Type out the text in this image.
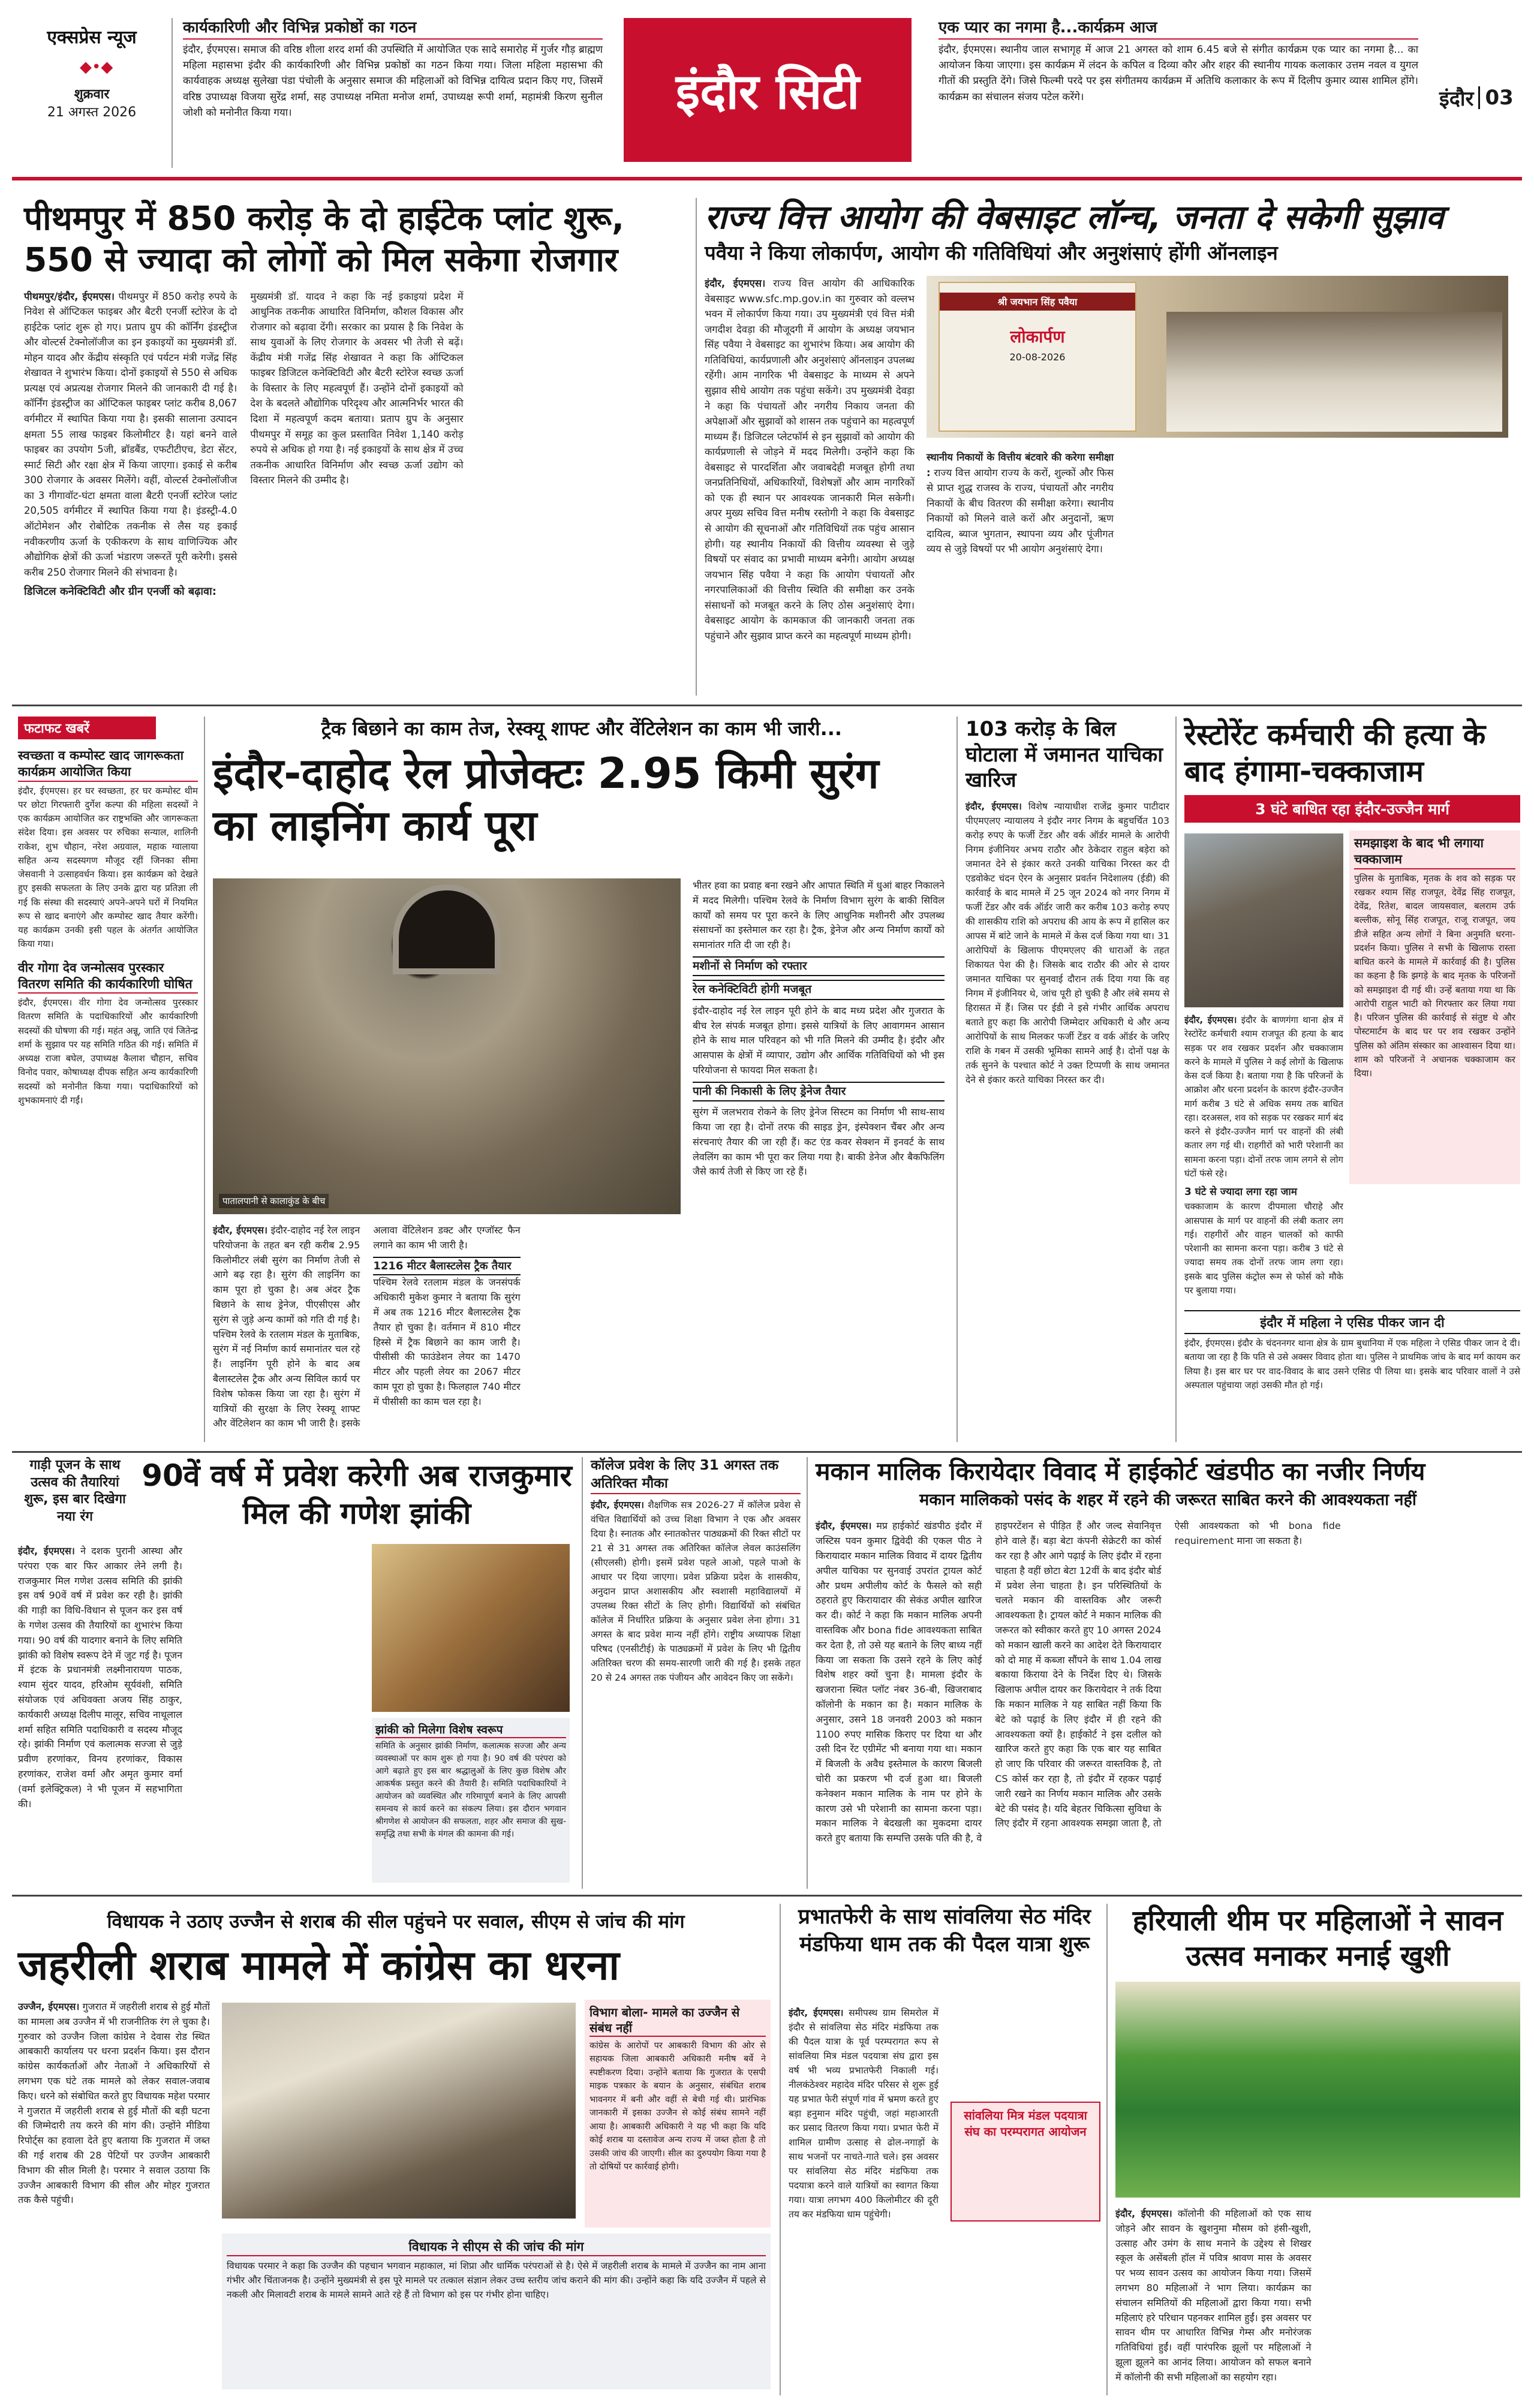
एक्सप्रेस न्यूज
◆•◆
शुक्रवार
21 अगस्त 2026
कार्यकारिणी और विभिन्न प्रकोष्ठों का गठन
इंदौर, ईएमएस। समाज की वरिष्ठ शीला शरद शर्मा की उपस्थिति में आयोजित एक सादे समारोह में गुर्जर गौड़ ब्राह्मण महिला महासभा इंदौर की कार्यकारिणी और विभिन्न प्रकोष्ठों का गठन किया गया। जिला महिला महासभा की कार्यवाहक अध्यक्ष सुलेखा पंडा पंचोली के अनुसार समाज की महिलाओं को विभिन्न दायित्व प्रदान किए गए, जिसमें वरिष्ठ उपाध्यक्ष विजया सुरेंद्र शर्मा, सह उपाध्यक्ष नमिता मनोज शर्मा, उपाध्यक्ष रूपी शर्मा, महामंत्री किरण सुनील जोशी को मनोनीत किया गया।	इंदौर सिटी
एक प्यार का नगमा है...कार्यक्रम आज
इंदौर, ईएमएस। स्थानीय जाल सभागृह में आज 21 अगस्त को शाम 6.45 बजे से संगीत कार्यक्रम एक प्यार का नगमा है... का आयोजन किया जाएगा। इस कार्यक्रम में लंदन के कपिल व दिव्या कौर और शहर की स्थानीय गायक कलाकार उत्तम नवल व युगल गीतों की प्रस्तुति देंगे। जिसे फिल्मी परदे पर इस संगीतमय कार्यक्रम में अतिथि कलाकार के रूप में दिलीप कुमार व्यास शामिल होंगे। कार्यक्रम का संचालन संजय पटेल करेंगे।	इंदौर 03
पीथमपुर में 850 करोड़ के दो हाईटेक प्लांट शुरू, 550 से ज्यादा को लोगों को मिल सकेगा रोजगार
पीथमपुर/इंदौर, ईएमएस। पीथमपुर में 850 करोड़ रुपये के निवेश से ऑप्टिकल फाइबर और बैटरी एनर्जी स्टोरेज के दो हाईटेक प्लांट शुरू हो गए। प्रताप ग्रुप की कॉर्निंग इंडस्ट्रीज और वोल्टर्स टेक्नोलॉजीज का इन इकाइयों का मुख्यमंत्री डॉ. मोहन यादव और केंद्रीय संस्कृति एवं पर्यटन मंत्री गजेंद्र सिंह शेखावत ने शुभारंभ किया। दोनों इकाइयों से 550 से अधिक प्रत्यक्ष एवं अप्रत्यक्ष रोजगार मिलने की जानकारी दी गई है। कॉर्निंग इंडस्ट्रीज का ऑप्टिकल फाइबर प्लांट करीब 8,067 वर्गमीटर में स्थापित किया गया है। इसकी सालाना उत्पादन क्षमता 55 लाख फाइबर किलोमीटर है। यहां बनने वाले फाइबर का उपयोग 5जी, ब्रॉडबैंड, एफटीटीएच, डेटा सेंटर, स्मार्ट सिटी और रक्षा क्षेत्र में किया जाएगा। इकाई से करीब 300 रोजगार के अवसर मिलेंगे। वहीं, वोल्टर्स टेक्नोलॉजीज का 3 गीगावॉट-घंटा क्षमता वाला बैटरी एनर्जी स्टोरेज प्लांट 20,505 वर्गमीटर में स्थापित किया गया है। इंडस्ट्री-4.0 ऑटोमेशन और रोबोटिक तकनीक से लैस यह इकाई नवीकरणीय ऊर्जा के एकीकरण के साथ वाणिज्यिक और औद्योगिक क्षेत्रों की ऊर्जा भंडारण जरूरतें पूरी करेगी। इससे करीब 250 रोजगार मिलने की संभावना है।
डिजिटल कनेक्टिविटी और ग्रीन एनर्जी को बढ़ावा:
मुख्यमंत्री डॉ. यादव ने कहा कि नई इकाइयां प्रदेश में आधुनिक तकनीक आधारित विनिर्माण, कौशल विकास और रोजगार को बढ़ावा देंगी। सरकार का प्रयास है कि निवेश के साथ युवाओं के लिए रोजगार के अवसर भी तेजी से बढ़ें। केंद्रीय मंत्री गजेंद्र सिंह शेखावत ने कहा कि ऑप्टिकल फाइबर डिजिटल कनेक्टिविटी और बैटरी स्टोरेज स्वच्छ ऊर्जा के विस्तार के लिए महत्वपूर्ण हैं। उन्होंने दोनों इकाइयों को देश के बदलते औद्योगिक परिदृश्य और आत्मनिर्भर भारत की दिशा में महत्वपूर्ण कदम बताया। प्रताप ग्रुप के अनुसार पीथमपुर में समूह का कुल प्रस्तावित निवेश 1,140 करोड़ रुपये से अधिक हो गया है। नई इकाइयों के साथ क्षेत्र में उच्च तकनीक आधारित विनिर्माण और स्वच्छ ऊर्जा उद्योग को विस्तार मिलने की उम्मीद है।
राज्य वित्त आयोग की वेबसाइट लॉन्च, जनता दे सकेगी सुझाव
पवैया ने किया लोकार्पण, आयोग की गतिविधियां और अनुशंसाएं होंगी ऑनलाइन
श्री जयभान सिंह पवैया
लोकार्पण
20-08-2026
इंदौर, ईएमएस। राज्य वित्त आयोग की आधिकारिक वेबसाइट www.sfc.mp.gov.in का गुरुवार को वल्लभ भवन में लोकार्पण किया गया। उप मुख्यमंत्री एवं वित्त मंत्री जगदीश देवड़ा की मौजूदगी में आयोग के अध्यक्ष जयभान सिंह पवैया ने वेबसाइट का शुभारंभ किया। अब आयोग की गतिविधियां, कार्यप्रणाली और अनुशंसाएं ऑनलाइन उपलब्ध रहेंगी। आम नागरिक भी वेबसाइट के माध्यम से अपने सुझाव सीधे आयोग तक पहुंचा सकेंगे। उप मुख्यमंत्री देवड़ा ने कहा कि पंचायतों और नगरीय निकाय जनता की अपेक्षाओं और सुझावों को शासन तक पहुंचाने का महत्वपूर्ण माध्यम हैं। डिजिटल प्लेटफॉर्म से इन सुझावों को आयोग की कार्यप्रणाली से जोड़ने में मदद मिलेगी। उन्होंने कहा कि वेबसाइट से पारदर्शिता और जवाबदेही मजबूत होगी तथा जनप्रतिनिधियों, अधिकारियों, विशेषज्ञों और आम नागरिकों को एक ही स्थान पर आवश्यक जानकारी मिल सकेगी। अपर मुख्य सचिव वित्त मनीष रस्तोगी ने कहा कि वेबसाइट से आयोग की सूचनाओं और गतिविधियों तक पहुंच आसान होगी। यह स्थानीय निकायों की वित्तीय व्यवस्था से जुड़े विषयों पर संवाद का प्रभावी माध्यम बनेगी। आयोग अध्यक्ष जयभान सिंह पवैया ने कहा कि आयोग पंचायतों और नगरपालिकाओं की वित्तीय स्थिति की समीक्षा कर उनके संसाधनों को मजबूत करने के लिए ठोस अनुशंसाएं देगा। वेबसाइट आयोग के कामकाज की जानकारी जनता तक पहुंचाने और सुझाव प्राप्त करने का महत्वपूर्ण माध्यम होगी।
स्थानीय निकायों के वित्तीय बंटवारे की करेगा समीक्षा : राज्य वित्त आयोग राज्य के करों, शुल्कों और फिस से प्राप्त शुद्ध राजस्व के राज्य, पंचायतों और नगरीय निकायों के बीच वितरण की समीक्षा करेगा। स्थानीय निकायों को मिलने वाले करों और अनुदानों, ऋण दायित्व, ब्याज भुगतान, स्थापना व्यय और पूंजीगत व्यय से जुड़े विषयों पर भी आयोग अनुशंसाएं देगा।
फटाफट खबरें
स्वच्छता व कम्पोस्ट खाद जागरूकता कार्यक्रम आयोजित किया
इंदौर, ईएमएस। हर घर स्वच्छता, हर घर कम्पोस्ट थीम पर छोटा गिरफ्तारी दुर्गेश कल्पा की महिला सदस्यों ने एक कार्यक्रम आयोजित कर राष्ट्रभक्ति और जागरूकता संदेश दिया। इस अवसर पर रुचिका सन्याल, शालिनी राकेश, शुभ चौहान, नरेश अग्रवाल, महाक ग्वालाया सहित अन्य सदस्यगण मौजूद रहीं जिनका सीमा जेसवानी ने उत्साहवर्धन किया। इस कार्यक्रम को देखते हुए इसकी सफलता के लिए उनके द्वारा यह प्रतिज्ञा ली गई कि संस्था की सदस्याएं अपने-अपने घरों में नियमित रूप से खाद बनाएंगे और कम्पोस्ट खाद तैयार करेंगी। यह कार्यक्रम उनकी इसी पहल के अंतर्गत आयोजित किया गया।
वीर गोगा देव जन्मोत्सव पुरस्कार वितरण समिति की कार्यकारिणी घोषित
इंदौर, ईएमएस। वीर गोगा देव जन्मोत्सव पुरस्कार वितरण समिति के पदाधिकारियों और कार्यकारिणी सदस्यों की घोषणा की गई। महंत अन्नू, जाति एवं जितेन्द्र शर्मा के सुझाव पर यह समिति गठित की गई। समिति में अध्यक्ष राजा बघेल, उपाध्यक्ष कैलाश चौहान, सचिव विनोद पवार, कोषाध्यक्ष दीपक सहित अन्य कार्यकारिणी सदस्यों को मनोनीत किया गया। पदाधिकारियों को शुभकामनाएं दी गईं।
ट्रैक बिछाने का काम तेज, रेस्क्यू शाफ्ट और वेंटिलेशन का काम भी जारी...
इंदौर-दाहोद रेल प्रोजेक्टः 2.95 किमी सुरंग का लाइनिंग कार्य पूरा
पातालपानी से कालाकुंड के बीच
इंदौर, ईएमएस। इंदौर-दाहोद नई रेल लाइन परियोजना के तहत बन रही करीब 2.95 किलोमीटर लंबी सुरंग का निर्माण तेजी से आगे बढ़ रहा है। सुरंग की लाइनिंग का काम पूरा हो चुका है। अब अंदर ट्रैक बिछाने के साथ ड्रेनेज, पीएसीएस और सुरंग से जुड़े अन्य कामों को गति दी गई है। पश्चिम रेलवे के रतलाम मंडल के मुताबिक, सुरंग में नई निर्माण कार्य समानांतर चल रहे हैं। लाइनिंग पूरी होने के बाद अब बैलास्टलेस ट्रैक और अन्य सिविल कार्य पर विशेष फोकस किया जा रहा है। सुरंग में यात्रियों की सुरक्षा के लिए रेस्क्यू शाफ्ट और वेंटिलेशन का काम भी जारी है। इसके अलावा वेंटिलेशन डक्ट और एग्जॉस्ट फैन लगाने का काम भी जारी है।
1216 मीटर बैलास्टलेस ट्रैक तैयार
पश्चिम रेलवे रतलाम मंडल के जनसंपर्क अधिकारी मुकेश कुमार ने बताया कि सुरंग में अब तक 1216 मीटर बैलास्टलेस ट्रैक तैयार हो चुका है। वर्तमान में 810 मीटर हिस्से में ट्रैक बिछाने का काम जारी है। पीसीसी की फाउंडेशन लेयर का 1470 मीटर और पहली लेयर का 2067 मीटर काम पूरा हो चुका है। फिलहाल 740 मीटर में पीसीसी का काम चल रहा है।
भीतर हवा का प्रवाह बना रखने और आपात स्थिति में धुआं बाहर निकालने में मदद मिलेगी। पश्चिम रेलवे के निर्माण विभाग सुरंग के बाकी सिविल कार्यों को समय पर पूरा करने के लिए आधुनिक मशीनरी और उपलब्ध संसाधनों का इस्तेमाल कर रहा है। ट्रैक, ड्रेनेज और अन्य निर्माण कार्यों को समानांतर गति दी जा रही है।
मशीनों से निर्माण को रफ्तार
रेल कनेक्टिविटी होगी मजबूत
इंदौर-दाहोद नई रेल लाइन पूरी होने के बाद मध्य प्रदेश और गुजरात के बीच रेल संपर्क मजबूत होगा। इससे यात्रियों के लिए आवागमन आसान होने के साथ माल परिवहन को भी गति मिलने की उम्मीद है। इंदौर और आसपास के क्षेत्रों में व्यापार, उद्योग और आर्थिक गतिविधियों को भी इस परियोजना से फायदा मिल सकता है।
पानी की निकासी के लिए ड्रेनेज तैयार
सुरंग में जलभराव रोकने के लिए ड्रेनेज सिस्टम का निर्माण भी साथ-साथ किया जा रहा है। दोनों तरफ की साइड ड्रेन, इंस्पेक्शन चैंबर और अन्य संरचनाएं तैयार की जा रही हैं। कट एंड कवर सेक्शन में इनवर्ट के साथ लेवलिंग का काम भी पूरा कर लिया गया है। बाकी डेनेज और बैकफिलिंग जैसे कार्य तेजी से किए जा रहे हैं।
103 करोड़ के बिल घोटाला में जमानत याचिका खारिज
इंदौर, ईएमएस। विशेष न्यायाधीश राजेंद्र कुमार पाटीदार पीएमएलए न्यायालय ने इंदौर नगर निगम के बहुचर्चित 103 करोड़ रुपए के फर्जी टेंडर और वर्क ऑर्डर मामले के आरोपी निगम इंजीनियर अभय राठौर और ठेकेदार राहुल बड़ेरा को जमानत देने से इंकार करते उनकी याचिका निरस्त कर दी एडवोकेट चंदन ऐरन के अनुसार प्रवर्तन निदेशालय (ईडी) की कार्रवाई के बाद मामले में 25 जून 2024 को नगर निगम में फर्जी टेंडर और वर्क ऑर्डर जारी कर करीब 103 करोड़ रुपए की शासकीय राशि को अपराध की आय के रूप में हासिल कर आपस में बांटे जाने के मामले में केस दर्ज किया गया था। 31 आरोपियों के खिलाफ पीएमएलए की धाराओं के तहत शिकायत पेश की है। जिसके बाद राठौर की ओर से दायर जमानत याचिका पर सुनवाई दौरान तर्क दिया गया कि वह निगम में इंजीनियर थे, जांच पूरी हो चुकी है और लंबे समय से हिरासत में हैं। जिस पर ईडी ने इसे गंभीर आर्थिक अपराध बताते हुए कहा कि आरोपी जिम्मेदार अधिकारी थे और अन्य आरोपियों के साथ मिलकर फर्जी टेंडर व वर्क ऑर्डर के जरिए राशि के गबन में उसकी भूमिका सामने आई है। दोनों पक्ष के तर्क सुनने के पश्चात कोर्ट ने उक्त टिप्पणी के साथ जमानत देने से इंकार करते याचिका निरस्त कर दी।
रेस्टोरेंट कर्मचारी की हत्या के बाद हंगामा-चक्काजाम
3 घंटे बाधित रहा इंदौर-उज्जैन मार्ग
समझाइश के बाद भी लगाया चक्काजाम
पुलिस के मुताबिक, मृतक के शव को सड़क पर रखकर श्याम सिंह राजपूत, देवेंद्र सिंह राजपूत, देवेंद्र, रितेश, बादल जायसवाल, बलराम उर्फ बल्लीक, सोनू सिंह राजपूत, राजू राजपूत, जय डीजे सहित अन्य लोगों ने बिना अनुमति धरना-प्रदर्शन किया। पुलिस ने सभी के खिलाफ रास्ता बाधित करने के मामले में कार्रवाई की है। पुलिस का कहना है कि झगड़े के बाद मृतक के परिजनों को समझाइश दी गई थी। उन्हें बताया गया था कि आरोपी राहुल भाटी को गिरफ्तार कर लिया गया है। परिजन पुलिस की कार्रवाई से संतुष्ट थे और पोस्टमार्टम के बाद घर पर शव रखकर उन्होंने पुलिस को अंतिम संस्कार का आश्वासन दिया था। शाम को परिजनों ने अचानक चक्काजाम कर दिया।
इंदौर, ईएमएस। इंदौर के बाणगंगा थाना क्षेत्र में रेस्टोरेंट कर्मचारी श्याम राजपूत की हत्या के बाद सड़क पर शव रखकर प्रदर्शन और चक्काजाम करने के मामले में पुलिस ने कई लोगों के खिलाफ केस दर्ज किया है। बताया गया है कि परिजनों के आक्रोश और धरना प्रदर्शन के कारण इंदौर-उज्जैन मार्ग करीब 3 घंटे से अधिक समय तक बाधित रहा। दरअसल, शव को सड़क पर रखकर मार्ग बंद करने से इंदौर-उज्जैन मार्ग पर वाहनों की लंबी कतार लग गई थी। राहगीरों को भारी परेशानी का सामना करना पड़ा। दोनों तरफ जाम लगने से लोग घंटों फंसे रहे।
3 घंटे से ज्यादा लगा रहा जाम
चक्काजाम के कारण दीपमाला चौराहे और आसपास के मार्ग पर वाहनों की लंबी कतार लग गई। राहगीरों और वाहन चालकों को काफी परेशानी का सामना करना पड़ा। करीब 3 घंटे से ज्यादा समय तक दोनों तरफ जाम लगा रहा। इसके बाद पुलिस कंट्रोल रूम से फोर्स को मौके पर बुलाया गया।
इंदौर में महिला ने एसिड पीकर जान दी
इंदौर, ईएमएस। इंदौर के चंदननगर थाना क्षेत्र के ग्राम बुधानिया में एक महिला ने एसिड पीकर जान दे दी। बताया जा रहा है कि पति से उसे अक्सर विवाद होता था। पुलिस ने प्राथमिक जांच के बाद मर्ग कायम कर लिया है। इस बार घर पर वाद-विवाद के बाद उसने एसिड पी लिया था। इसके बाद परिवार वालों ने उसे अस्पताल पहुंचाया जहां उसकी मौत हो गई।
गाड़ी पूजन के साथ उत्सव की तैयारियां शुरू, इस बार दिखेगा नया रंग
90वें वर्ष में प्रवेश करेगी अब राजकुमार मिल की गणेश झांकी
इंदौर, ईएमएस। ने दशक पुरानी आस्था और परंपरा एक बार फिर आकार लेने लगी है। राजकुमार मिल गणेश उत्सव समिति की झांकी इस वर्ष 90वें वर्ष में प्रवेश कर रही है। झांकी की गाड़ी का विधि-विधान से पूजन कर इस वर्ष के गणेश उत्सव की तैयारियों का शुभारंभ किया गया। 90 वर्ष की यादगार बनाने के लिए समिति झांकी को विशेष स्वरूप देने में जुट गई है। पूजन में इंटक के प्रधानमंत्री लक्ष्मीनारायण पाठक, श्याम सुंदर यादव, हरिओम सूर्यवंशी, समिति संयोजक एवं अधिवक्ता अजय सिंह ठाकुर, कार्यकारी अध्यक्ष दिलीप मालूर, सचिव नाथूलाल शर्मा सहित समिति पदाधिकारी व सदस्य मौजूद रहे। झांकी निर्माण एवं कलात्मक सज्जा से जुड़े प्रवीण हरणांकर, विनय हरणांकर, विकास हरणांकर, राजेश वर्मा और अमृत कुमार वर्मा (वर्मा इलेक्ट्रिकल) ने भी पूजन में सहभागिता की।
झांकी को मिलेगा विशेष स्वरूप
समिति के अनुसार झांकी निर्माण, कलात्मक सज्जा और अन्य व्यवस्थाओं पर काम शुरू हो गया है। 90 वर्ष की परंपरा को आगे बढ़ाते हुए इस बार श्रद्धालुओं के लिए कुछ विशेष और आकर्षक प्रस्तुत करने की तैयारी है। समिति पदाधिकारियों ने आयोजन को व्यवस्थित और गरिमापूर्ण बनाने के लिए आपसी समन्वय से कार्य करने का संकल्प लिया। इस दौरान भगवान श्रीगणेश से आयोजन की सफलता, शहर और समाज की सुख-समृद्धि तथा सभी के मंगल की कामना की गई।
कॉलेज प्रवेश के लिए 31 अगस्त तक अतिरिक्त मौका
इंदौर, ईएमएस। शैक्षणिक सत्र 2026-27 में कॉलेज प्रवेश से वंचित विद्यार्थियों को उच्च शिक्षा विभाग ने एक और अवसर दिया है। स्नातक और स्नातकोत्तर पाठ्यक्रमों की रिक्त सीटों पर 21 से 31 अगस्त तक अतिरिक्त कॉलेज लेवल काउंसलिंग (सीएलसी) होगी। इसमें प्रवेश पहले आओ, पहले पाओ के आधार पर दिया जाएगा। प्रवेश प्रक्रिया प्रदेश के शासकीय, अनुदान प्राप्त अशासकीय और स्वशासी महाविद्यालयों में उपलब्ध रिक्त सीटों के लिए होगी। विद्यार्थियों को संबंधित कॉलेज में निर्धारित प्रक्रिया के अनुसार प्रवेश लेना होगा। 31 अगस्त के बाद प्रवेश मान्य नहीं होंगे। राष्ट्रीय अध्यापक शिक्षा परिषद (एनसीटीई) के पाठ्यक्रमों में प्रवेश के लिए भी द्वितीय अतिरिक्त चरण की समय-सारणी जारी की गई है। इसके तहत 20 से 24 अगस्त तक पंजीयन और आवेदन किए जा सकेंगे।
मकान मालिक किरायेदार विवाद में हाईकोर्ट खंडपीठ का नजीर निर्णय
मकान मालिकको पसंद के शहर में रहने की जरूरत साबित करने की आवश्यकता नहीं
इंदौर, ईएमएस। मप्र हाईकोर्ट खंडपीठ इंदौर में जस्टिस पवन कुमार द्विवेदी की एकल पीठ ने किरायादार मकान मालिक विवाद में दायर द्वितीय अपील याचिका पर सुनवाई उपरांत ट्रायल कोर्ट और प्रथम अपीलीय कोर्ट के फैसले को सही ठहराते हुए किरायादार की सेकंड अपील खारिज कर दी। कोर्ट ने कहा कि मकान मालिक अपनी वास्तविक और bona fide आवश्यकता साबित कर देता है, तो उसे यह बताने के लिए बाध्य नहीं किया जा सकता कि उसने रहने के लिए कोई विशेष शहर क्यों चुना है। मामला इंदौर के खजराना स्थित प्लॉट नंबर 36-बी, खिजराबाद कॉलोनी के मकान का है। मकान मालिक के अनुसार, उसने 18 जनवरी 2003 को मकान 1100 रुपए मासिक किराए पर दिया था और उसी दिन रेंट एग्रीमेंट भी बनाया गया था। मकान में बिजली के अवैध इस्तेमाल के कारण बिजली चोरी का प्रकरण भी दर्ज हुआ था। बिजली कनेक्शन मकान मालिक के नाम पर होने के कारण उसे भी परेशानी का सामना करना पड़ा। मकान मालिक ने बेदखली का मुकदमा दायर करते हुए बताया कि सम्पत्ति उसके पति की है, वे हाइपरटेंशन से पीड़ित हैं और जल्द सेवानिवृत्त होने वाले हैं। बड़ा बेटा कंपनी सेक्रेटरी का कोर्स कर रहा है और आगे पढ़ाई के लिए इंदौर में रहना चाहता है वहीं छोटा बेटा 12वीं के बाद इंदौर बोर्ड में प्रवेश लेना चाहता है। इन परिस्थितियों के चलते मकान की वास्तविक और जरूरी आवश्यकता है। ट्रायल कोर्ट ने मकान मालिक की जरूरत को स्वीकार करते हुए 10 अगस्त 2024 को मकान खाली करने का आदेश देते किरायादार को दो माह में कब्जा सौंपने के साथ 1.04 लाख बकाया किराया देने के निर्देश दिए थे। जिसके खिलाफ अपील दायर कर किरायेदार ने तर्क दिया कि मकान मालिक ने यह साबित नहीं किया कि बेटे को पढ़ाई के लिए इंदौर में ही रहने की आवश्यकता क्यों है। हाईकोर्ट ने इस दलील को खारिज करते हुए कहा कि एक बार यह साबित हो जाए कि परिवार की जरूरत वास्तविक है, तो CS कोर्स कर रहा है, तो इंदौर में रहकर पढ़ाई जारी रखने का निर्णय मकान मालिक और उसके बेटे की पसंद है। यदि बेहतर चिकित्सा सुविधा के लिए इंदौर में रहना आवश्यक समझा जाता है, तो ऐसी आवश्यकता को भी bona fide requirement माना जा सकता है।
विधायक ने उठाए उज्जैन से शराब की सील पहुंचने पर सवाल, सीएम से जांच की मांग
जहरीली शराब मामले में कांग्रेस का धरना
उज्जैन, ईएमएस। गुजरात में जहरीली शराब से हुई मौतों का मामला अब उज्जैन में भी राजनीतिक रंग ले चुका है। गुरुवार को उज्जैन जिला कांग्रेस ने देवास रोड स्थित आबकारी कार्यालय पर धरना प्रदर्शन किया। इस दौरान कांग्रेस कार्यकर्ताओं और नेताओं ने अधिकारियों से लगभग एक घंटे तक मामले को लेकर सवाल-जवाब किए। धरने को संबोधित करते हुए विधायक महेश परमार ने गुजरात में जहरीली शराब से हुई मौतों की बड़ी घटना की जिम्मेदारी तय करने की मांग की। उन्होंने मीडिया रिपोर्ट्स का हवाला देते हुए बताया कि गुजरात में जब्त की गई शराब की 28 पेटियों पर उज्जैन आबकारी विभाग की सील मिली है। परमार ने सवाल उठाया कि उज्जैन आबकारी विभाग की सील और मोहर गुजरात तक कैसे पहुंची।
विभाग बोला- मामले का उज्जैन से संबंध नहीं
कांग्रेस के आरोपों पर आबकारी विभाग की ओर से सहायक जिला आबकारी अधिकारी मनीष बर्वे ने स्पष्टीकरण दिया। उन्होंने बताया कि गुजरात के एसपी माइक पत्रकार के बयान के अनुसार, संबंधित शराब भावनगर में बनी और वहीं से बेची गई थी। प्रारंभिक जानकारी में इसका उज्जैन से कोई संबंध सामने नहीं आया है। आबकारी अधिकारी ने यह भी कहा कि यदि कोई शराब या दस्तावेज अन्य राज्य में जब्त होता है तो उसकी जांच की जाएगी। सील का दुरुपयोग किया गया है तो दोषियों पर कार्रवाई होगी।
विधायक ने सीएम से की जांच की मांग
विधायक परमार ने कहा कि उज्जैन की पहचान भगवान महाकाल, मां शिप्रा और धार्मिक परंपराओं से है। ऐसे में जहरीली शराब के मामले में उज्जैन का नाम आना गंभीर और चिंताजनक है। उन्होंने मुख्यमंत्री से इस पूरे मामले पर तत्काल संज्ञान लेकर उच्च स्तरीय जांच कराने की मांग की। उन्होंने कहा कि यदि उज्जैन में पहले से नकली और मिलावटी शराब के मामले सामने आते रहे हैं तो विभाग को इस पर गंभीर होना चाहिए।
प्रभातफेरी के साथ सांवलिया सेठ मंदिर मंडफिया धाम तक की पैदल यात्रा शुरू
इंदौर, ईएमएस। समीपस्थ ग्राम सिमरोल में इंदौर से सांवलिया सेठ मंदिर मंडफिया तक की पैदल यात्रा के पूर्व परम्परागत रूप से सांवलिया मित्र मंडल पदयात्रा संघ द्वारा इस वर्ष भी भव्य प्रभातफेरी निकाली गई। नीलकंठेश्वर महादेव मंदिर परिसर से शुरू हुई यह प्रभात फेरी संपूर्ण गांव में भ्रमण करते हुए बड़ा हनुमान मंदिर पहुंची, जहां महाआरती कर प्रसाद वितरण किया गया। प्रभात फेरी में शामिल ग्रामीण उत्साह से ढोल-नगाड़ों के साथ भजनों पर नाचते-गाते चले। इस अवसर पर सांवलिया सेठ मंदिर मंडफिया तक पदयात्रा करने वाले यात्रियों का स्वागत किया गया। यात्रा लगभग 400 किलोमीटर की दूरी तय कर मंडफिया धाम पहुंचेगी।
सांवलिया मित्र मंडल पदयात्रा संघ का परम्परागत आयोजन
हरियाली थीम पर महिलाओं ने सावन उत्सव मनाकर मनाई खुशी
इंदौर, ईएमएस। कॉलोनी की महिलाओं को एक साथ जोड़ने और सावन के खुशनुमा मौसम को हंसी-खुशी, उत्साह और उमंग के साथ मनाने के उद्देश्य से शिखर स्कूल के असेंबली हॉल में पवित्र श्रावण मास के अवसर पर भव्य सावन उत्सव का आयोजन किया गया। जिसमें लगभग 80 महिलाओं ने भाग लिया। कार्यक्रम का संचालन समितियों की महिलाओं द्वारा किया गया। सभी महिलाएं हरे परिधान पहनकर शामिल हुईं। इस अवसर पर सावन थीम पर आधारित विभिन्न गेम्स और मनोरंजक गतिविधियां हुईं। वहीं पारंपरिक झूलों पर महिलाओं ने झूला झूलने का आनंद लिया। आयोजन को सफल बनाने में कॉलोनी की सभी महिलाओं का सहयोग रहा।
